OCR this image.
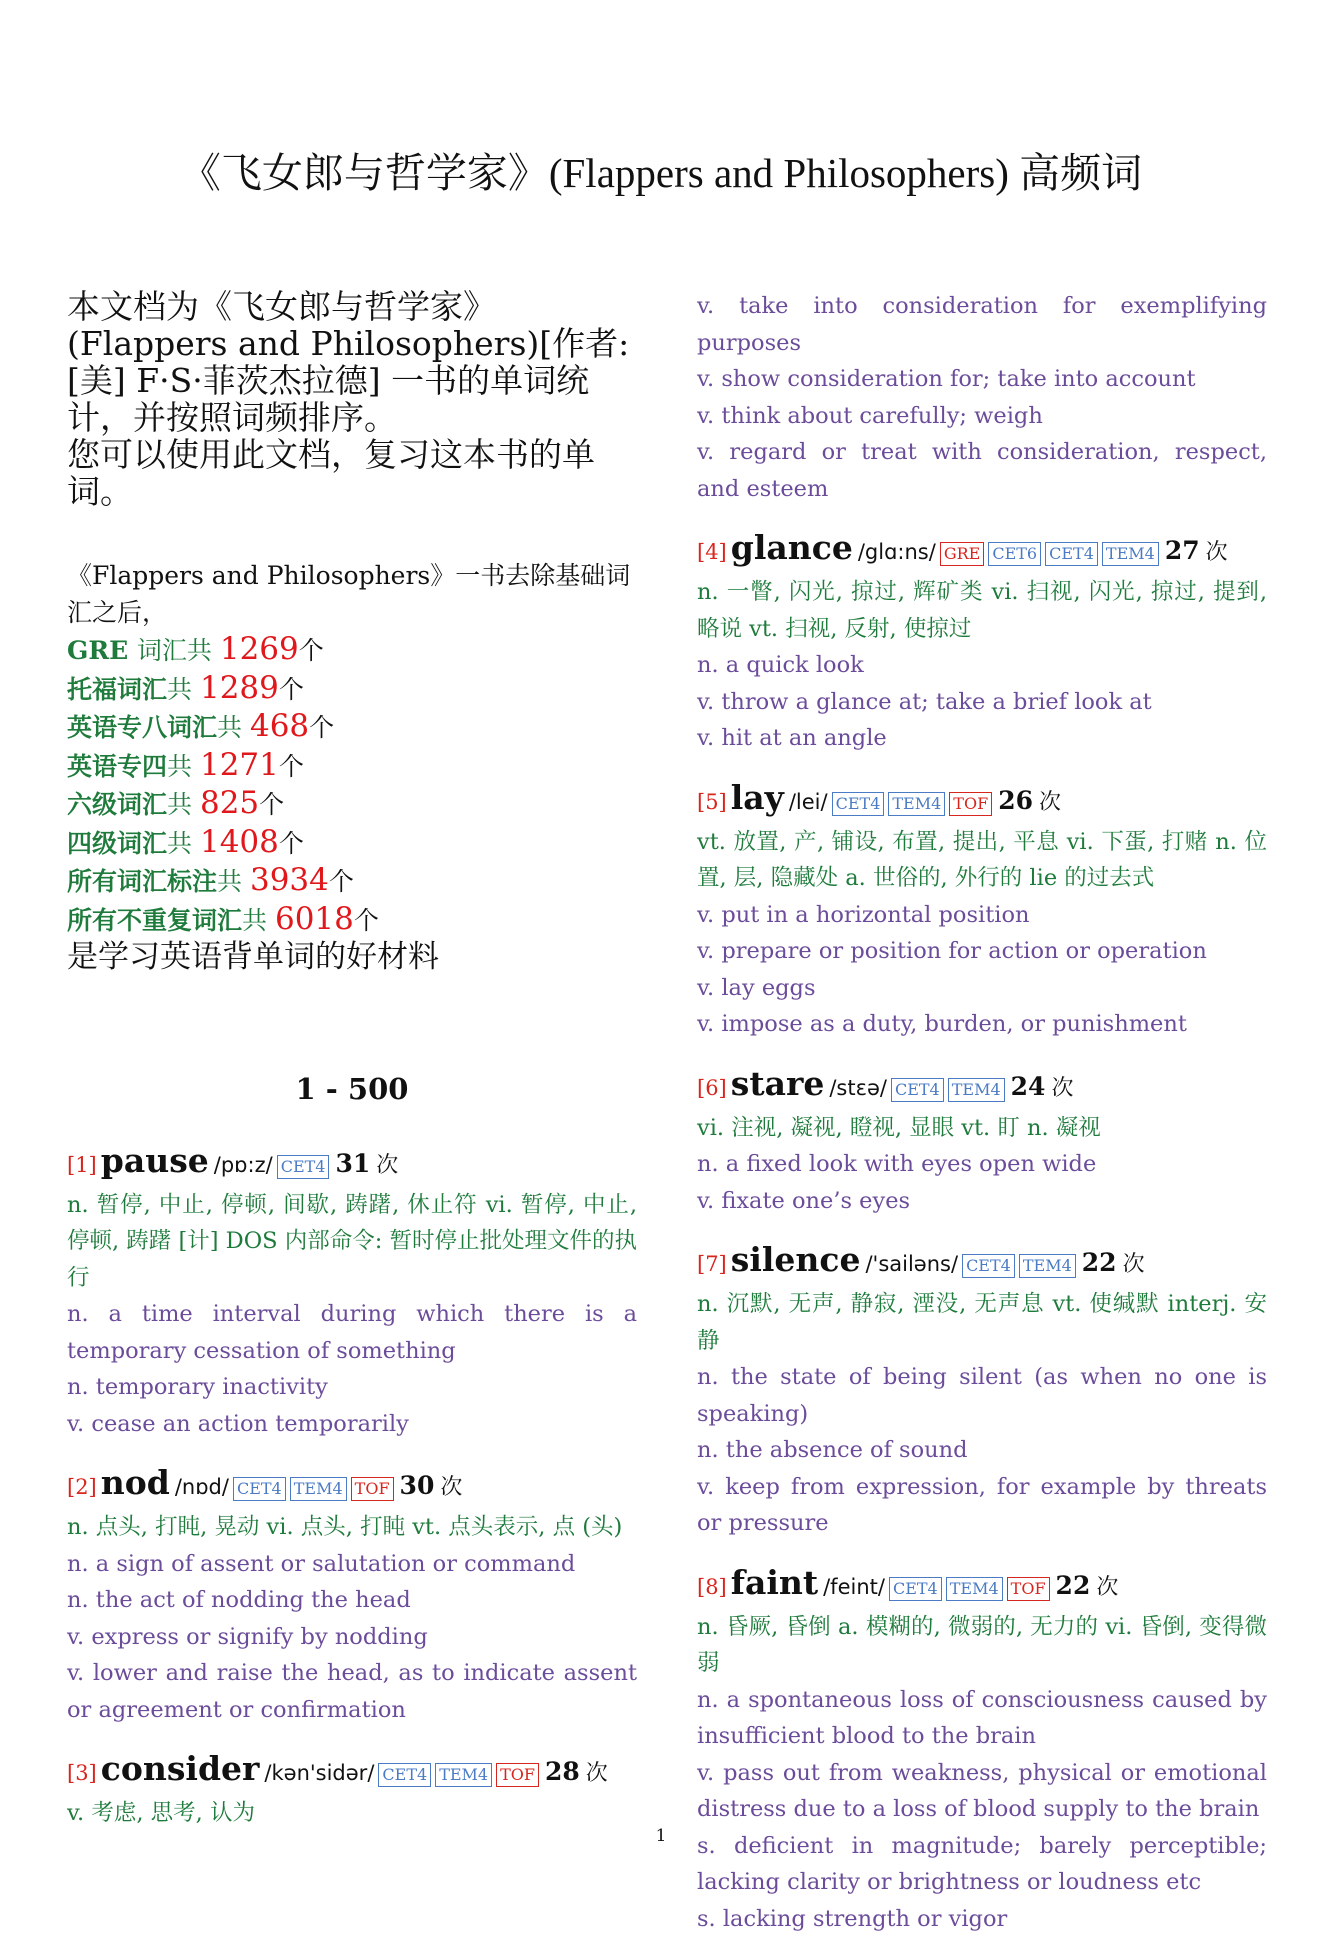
《飞女郎与哲学家》(Flappers and Philosophers) 高频词

本文档为《飞女郎与哲学家》(Flappers and Philosophers)[作者: [美] F·S·菲茨杰拉德] 一书的单词统计，并按照词频排序。

您可以使用此文档，复习这本书的单词。

《Flappers and Philosophers》一书去除基础词汇之后，
GRE 词汇共 1269个
托福词汇共 1289个
英语专八词汇共 468个
英语专四共 1271个
六级词汇共 825个
四级词汇共 1408个
所有词汇标注共 3934个
所有不重复词汇共 6018个
是学习英语背单词的好材料
1 - 500
[1] pause /pɒ:z/ CET4 31 次
n. 暂停, 中止, 停顿, 间歇, 踌躇, 休止符 vi. 暂停, 中止, 停顿, 踌躇 [计] DOS 内部命令: 暂时停止批处理文件的执行
n. a time interval during which there is a temporary cessation of something
n. temporary inactivity
v. cease an action temporarily
[2] nod /nɒd/ CET4 TEM4 TOF 30 次
n. 点头, 打盹, 晃动 vi. 点头, 打盹 vt. 点头表示, 点 (头)
n. a sign of assent or salutation or command
n. the act of nodding the head
v. express or signify by nodding
v. lower and raise the head, as to indicate assent or agreement or confirmation
[3] consider /kən'sidər/ CET4 TEM4 TOF 28 次
v. 考虑, 思考, 认为
v. take into consideration for exemplifying purposes
v. show consideration for; take into account
v. think about carefully; weigh
v. regard or treat with consideration, respect, and esteem
[4] glance /glɑ:ns/ GRE CET6 CET4 TEM4 27 次
n. 一瞥, 闪光, 掠过, 辉矿类 vi. 扫视, 闪光, 掠过, 提到, 略说 vt. 扫视, 反射, 使掠过
n. a quick look
v. throw a glance at; take a brief look at
v. hit at an angle
[5] lay /lei/ CET4 TEM4 TOF 26 次
vt. 放置, 产, 铺设, 布置, 提出, 平息 vi. 下蛋, 打赌 n. 位置, 层, 隐藏处 a. 世俗的, 外行的 lie 的过去式
v. put in a horizontal position
v. prepare or position for action or operation
v. lay eggs
v. impose as a duty, burden, or punishment
[6] stare /stɛə/ CET4 TEM4 24 次
vi. 注视, 凝视, 瞪视, 显眼 vt. 盯 n. 凝视
n. a fixed look with eyes open wide
v. fixate one’s eyes
[7] silence /'sailəns/ CET4 TEM4 22 次
n. 沉默, 无声, 静寂, 湮没, 无声息 vt. 使缄默 interj. 安静
n. the state of being silent (as when no one is speaking)
n. the absence of sound
v. keep from expression, for example by threats or pressure
[8] faint /feint/ CET4 TEM4 TOF 22 次
n. 昏厥, 昏倒 a. 模糊的, 微弱的, 无力的 vi. 昏倒, 变得微弱
n. a spontaneous loss of consciousness caused by insufficient blood to the brain
v. pass out from weakness, physical or emotional distress due to a loss of blood supply to the brain
s. deficient in magnitude; barely perceptible; lacking clarity or brightness or loudness etc
s. lacking strength or vigor
1
